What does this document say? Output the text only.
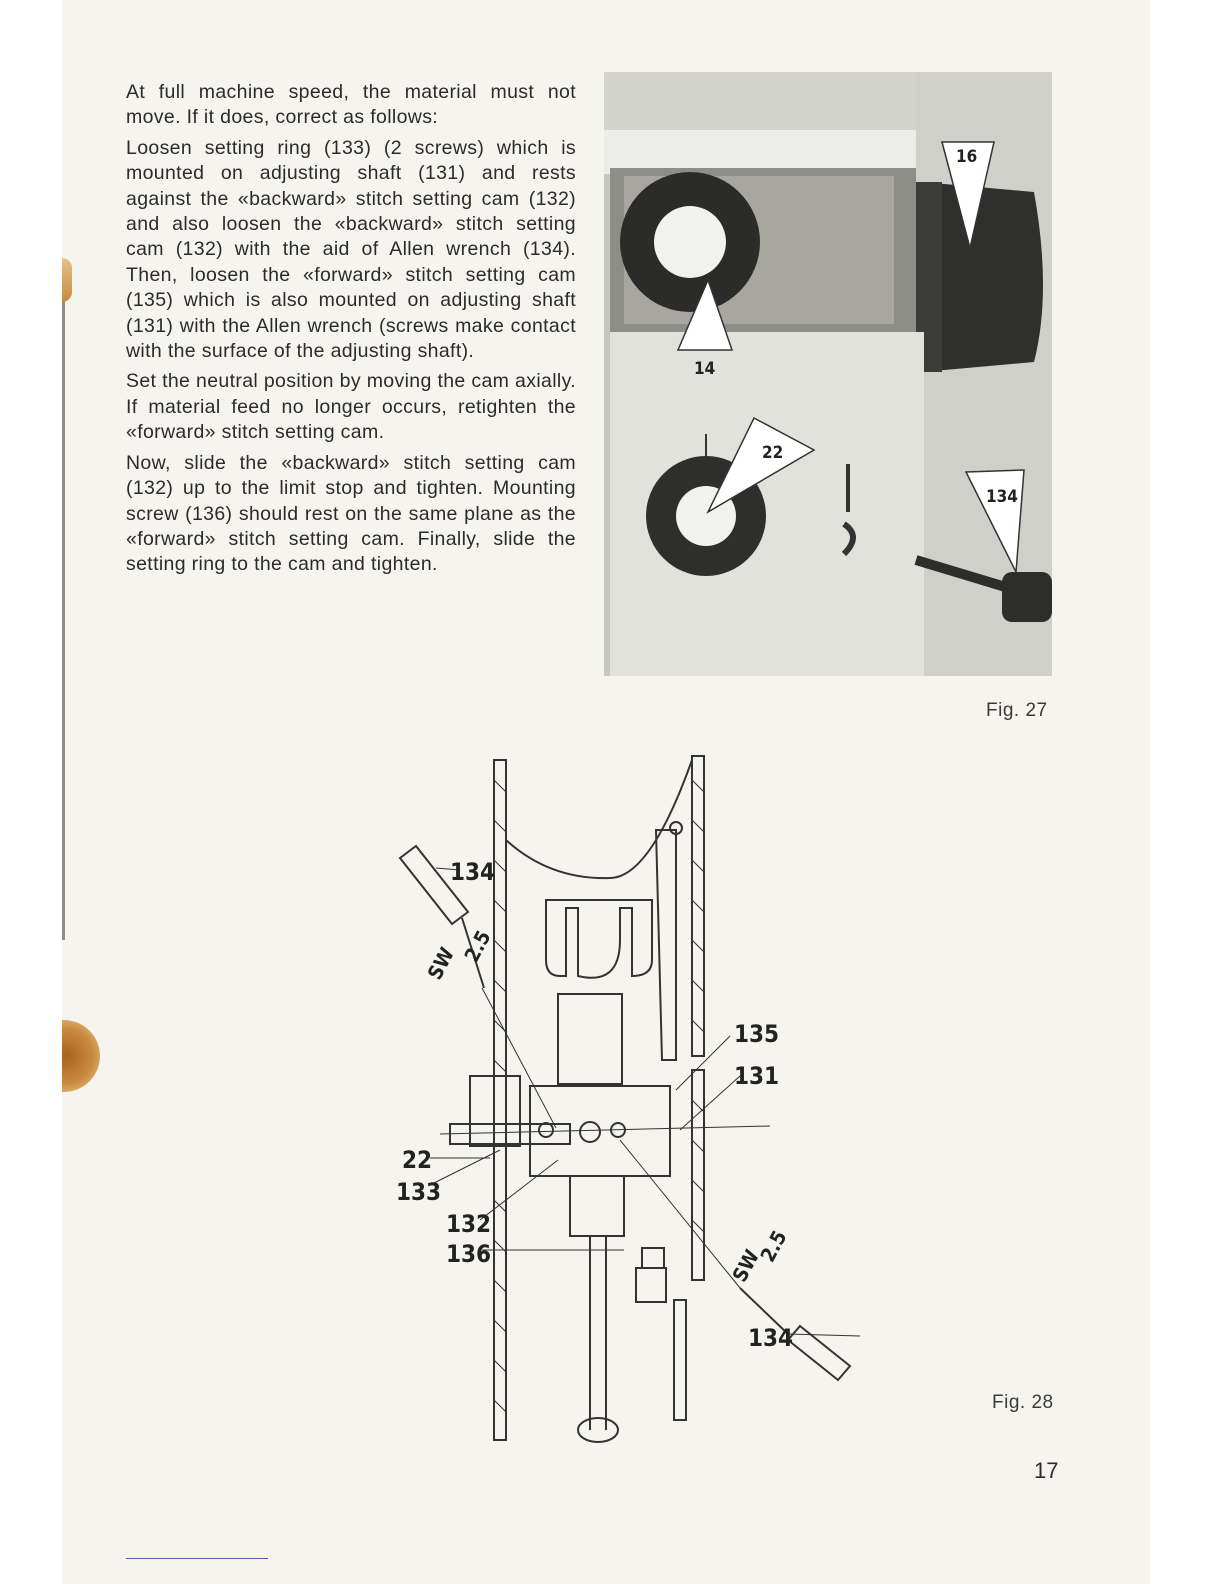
At full machine speed, the material must not move. If it does, correct as follows:

Loosen setting ring (133) (2 screws) which is mounted on adjusting shaft (131) and rests against the «backward» stitch setting cam (132) and also loosen the «backward» stitch setting cam (132) with the aid of Allen wrench (134). Then, loosen the «forward» stitch setting cam (135) which is also mounted on adjusting shaft (131) with the Allen wrench (screws make contact with the surface of the adjusting shaft).

Set the neutral position by moving the cam axially. If material feed no longer occurs, retighten the «forward» stitch setting cam.

Now, slide the «backward» stitch setting cam (132) up to the limit stop and tighten. Mounting screw (136) should rest on the same plane as the «forward» stitch setting cam. Finally, slide the setting ring to the cam and tighten.

16
14
22
134
Fig. 27
134
SW 2.5
135
131
22
133
132
136	SW
2.5
134
Fig. 28
17
